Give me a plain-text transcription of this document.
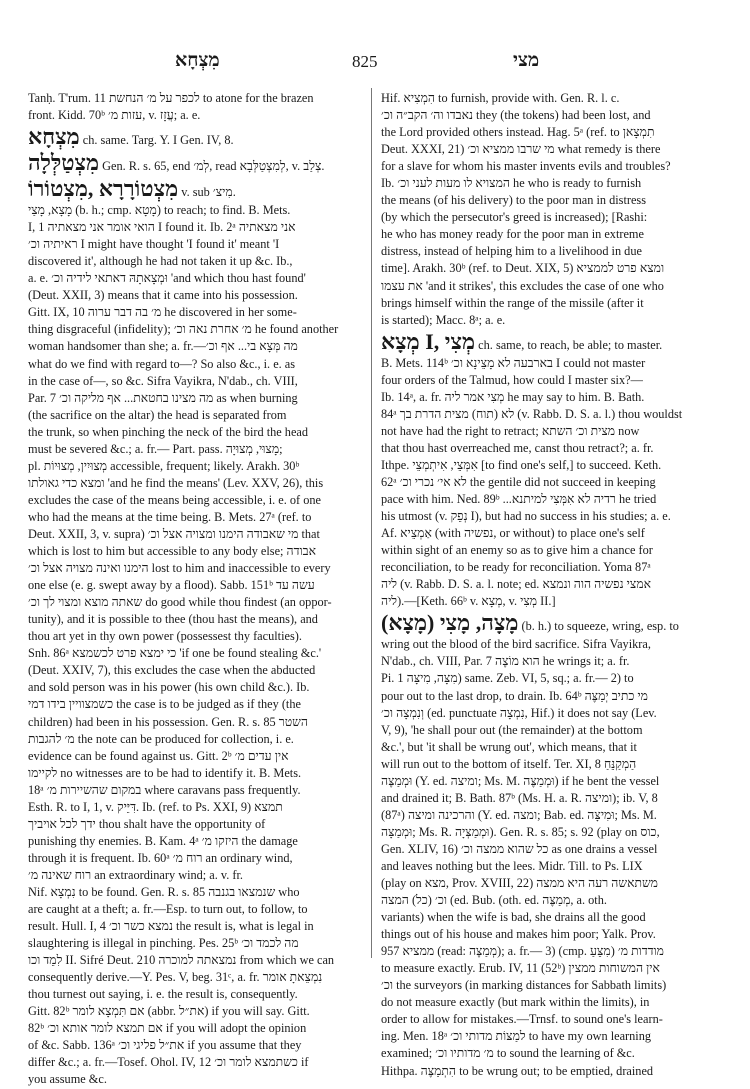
מִצְחָא	825	מצי
Tanḥ. T'rum. 11 לכפר על מ׳ הנחשת to atone for the brazen
front. Kidd. 70ᵇ עזות מ׳, v. עֲזָז; a. e.
מִצְחָא ch. same. Targ. Y. I Gen. IV, 8.
מִצְטַלְּלָה Gen. R. s. 65, end לְמ׳, read לְמִצְטַלְּבָא, v. צְלַב.
מִצְטוֹרָרָא ,מִצְטוֹרוֹ v. sub מִיצ׳.
מָצָא, מָצַי (b. h.; cmp. מָטָא) to reach; to find. B. Mets.
I, 1 הואי אומר אני מצאתיה I found it. Ib. 2ᵃ אני מצאתיה
ראיתיה וכ׳ I might have thought 'I found it' meant 'I
discovered it', although he had not taken it up &c. Ib.,
a. e. וּמְצָאתָהּ דאתאי לידיה וכ׳ 'and which thou hast found'
(Deut. XXII, 3) means that it came into his possession.
Gitt. IX, 10 מ׳ בה דבר ערוה he discovered in her some-
thing disgraceful (infidelity); מ׳ אחרת נאה וכ׳ he found another
woman handsomer than she; a. fr.—מה מְּצָא בי... אף וכ׳
what do we find with regard to—? So also &c., i. e. as
in the case of—, so &c. Sifra Vayikra, N'dab., ch. VIII,
Par. 7 מה מצינו בחטאת... אף מליקה וכ׳ as when burning
(the sacrifice on the altar) the head is separated from
the trunk, so when pinching the neck of the bird the head
must be severed &c.; a. fr.— Part. pass. מָצוּי, מְצוּיָה;
pl. מְצוּיִין, מְצוּיוֹת accessible, frequent; likely. Arakh. 30ᵇ
ומצא כדי גאולתו 'and he find the means' (Lev. XXV, 26), this
excludes the case of the means being accessible, i. e. of one
who had the means at the time being. B. Mets. 27ᵃ (ref. to
Deut. XXII, 3, v. supra) מי שאבודה הימנו ומצויה אצל וכ׳ that
which is lost to him but accessible to any body else; אבודה
הימנו ואינה מצויה אצל וכ׳ lost to him and inaccessible to every
one else (e. g. swept away by a flood). Sabb. 151ᵇ עשה עד
שאתה מוצא ומצוי לך וכ׳ do good while thou findest (an oppor-
tunity), and it is possible to thee (thou hast the means), and
thou art yet in thy own power (possessest thy faculties).
Snh. 86ᵃ כי ימצא פרט לכשמצא 'if one be found stealing &c.'
(Deut. XXIV, 7), this excludes the case when the abducted
and sold person was in his power (his own child &c.). Ib.
כשמצוויין בידו דמי the case is to be judged as if they (the
children) had been in his possession. Gen. R. s. 85 השטר
מ׳ להגבות the note can be produced for collection, i. e.
evidence can be found against us. Gitt. 2ᵇ אין עדים מ׳
לקיימו no witnesses are to be had to identify it. B. Mets.
18ᵃ במקום שהשיירות מ׳ where caravans pass frequently.
Esth. R. to I, 1, v. דִּיֵּיק. Ib. (ref. to Ps. XXI, 9) תמצא
ידך לכל אויביך thou shalt have the opportunity of
punishing thy enemies. B. Kam. 4ᵃ היזקו מ׳ the damage
through it is frequent. Ib. 60ᵃ רוח מ׳ an ordinary wind,
רוח שאינה מ׳ an extraordinary wind; a. v. fr.
Nif. נִמְצָא to be found. Gen. R. s. 85 שנמצאו בגנבה who
are caught at a theft; a. fr.—Esp. to turn out, to follow, to
result. Hull. I, 4 נמצא כשר וכ׳ the result is, what is legal in
slaughtering is illegal in pinching. Pes. 25ᵇ מה לכמד וכ׳
לִמֵד וכו II. Sifré Deut. 210 נמצאתה למוכרה from which we can
consequently derive.—Y. Pes. V, beg. 31ᶜ, a. fr. נִמְצֵאתָ אומר
thou turnest out saying, i. e. the result is, consequently.
Gitt. 82ᵇ אם תִּמְצָא לומר (abbr. את״ל) if you will say. Gitt.
82ᵇ אם תמצא לומר אותא וכ׳ if you will adopt the opinion
of &c. Sabb. 136ᵃ את״ל פליגי וכ׳ if you assume that they
differ &c.; a. fr.—Tosef. Ohol. IV, 12 כשתמצא לומר וכ׳ if
you assume &c.
Hif. הִמְצִיא to furnish, provide with. Gen. R. l. c.
נאבדו וה׳ הקב״ה וכ׳ they (the tokens) had been lost, and
the Lord provided others instead. Hag. 5ᵃ (ref. to תִמְצָאן
Deut. XXXI, 21) מי שרבו ממציא וכ׳ what remedy is there
for a slave for whom his master invents evils and troubles?
Ib. המצויא לו מעות לעני וכ׳ he who is ready to furnish
the means (of his delivery) to the poor man in distress
(by which the persecutor's greed is increased); [Rashi:
he who has money ready for the poor man in extreme
distress, instead of helping him to a livelihood in due
time]. Arakh. 30ᵇ (ref. to Deut. XIX, 5) ומצא פרט לממציא
את עצמו 'and it strikes', this excludes the case of one who
brings himself within the range of the missile (after it
is started); Macc. 8ᵃ; a. e.
מְצָא I, מְצִי ch. same, to reach, be able; to master.
B. Mets. 114ᵇ בארבעה לא מָצֵינָא וכ׳ I could not master
four orders of the Talmud, how could I master six?—
Ib. 14ᵃ, a. fr. מְצִי אמר ליה he may say to him. B. Bath.
84ᵃ לא (תוח) מצית הדרת בך (v. Rabb. D. S. a. l.) thou wouldst
not have had the right to retract; מצית וכ׳ השתא now
that thou hast overreached me, canst thou retract?; a. fr.
Ithpe. אִמְּצֵי, אִיתְמְצֵי [to find one's self,] to succeed. Keth.
62ᵃ לא אי׳ נכרי וכ׳ the gentile did not succeed in keeping
pace with him. Ned. 89ᵇ ...רדיה לא אִמְּצִי למיתנא he tried
his utmost (v. נְפֵק I), but had no success in his studies; a. e.
Af. אַמְצֵיא (with נפשיה, or without) to place one's self
within sight of an enemy so as to give him a chance for
reconciliation, to be ready for reconciliation. Yoma 87ᵃ
ליה (v. Rabb. D. S. a. l. note; ed. אמצי נפשיה הוה ונמצא
ליה).—[Keth. 66ᵇ v. מְצָא, v. מְצִי II.]
(מָצָא) מָצָה, מָצִי (b. h.) to squeeze, wring, esp. to
wring out the blood of the bird sacrifice. Sifra Vayikra,
N'dab., ch. VIII, Par. 7 הוא מוֹצֶה he wrings it; a. fr.
Pi. מִצָּה, מִיצָּה 1) same. Zeb. VI, 5, sq.; a. fr.— 2) to
pour out to the last drop, to drain. Ib. 64ᵇ מי כתיב יְמַצֶּה
וְנִמְצָה וכ׳ (ed. punctuate נִמְצָה, Hif.) it does not say (Lev.
V, 9), 'he shall pour out (the remainder) at the bottom
&c.', but 'it shall be wrung out', which means, that it
will run out to the bottom of itself. Ter. XI, 8 הַמְקַנֵּחַ
וּמְמַצֶּה (Y. ed. ומיצה; Ms. M. וּמְמַצֶּה) if he bent the vessel
and drained it; B. Bath. 87ᵇ (Ms. H. a. R. ומיצה); ib. V, 8
(87ᵃ) והרכינה ומיצה (Y. ed. ומצה; Bab. ed. וּמִיצָּה; Ms. M.
וּמְמַצָּה; Ms. R. וּמְמַצְּיָה). Gen. R. s. 85; s. 92 (play on כוס,
Gen. XLIV, 16) כל שהוא ממצה וכ׳ as one drains a vessel
and leaves nothing but the lees. Midr. Till. to Ps. LIX
(play on מצא, Prov. XVIII, 22) משתאשה רעה היא ממצה
וכ׳ (כל) המצה (ed. Bub. (oth. ed. מְמַצֶּה, a. oth.
variants) when the wife is bad, she drains all the good
things out of his house and makes him poor; Yalk. Prov.
957 ממציא (read: מְמַצֶּה); a. fr.— 3) (cmp. מִצֵּעַ) מודדות מ׳
to measure exactly. Erub. IV, 11 (52ᵇ) אין המשוחות ממצין
וכ׳ the surveyors (in marking distances for Sabbath limits)
do not measure exactly (but mark within the limits), in
order to allow for mistakes.—Trnsf. to sound one's learn-
ing. Men. 18ᵃ למַצּוֹת מדותי וכ׳ to have my own learning
examined; מ׳ מדותיו וכ׳ to sound the learning of &c.
Hithpa. הִתְמַצֶּה to be wrung out; to be emptied, drained
